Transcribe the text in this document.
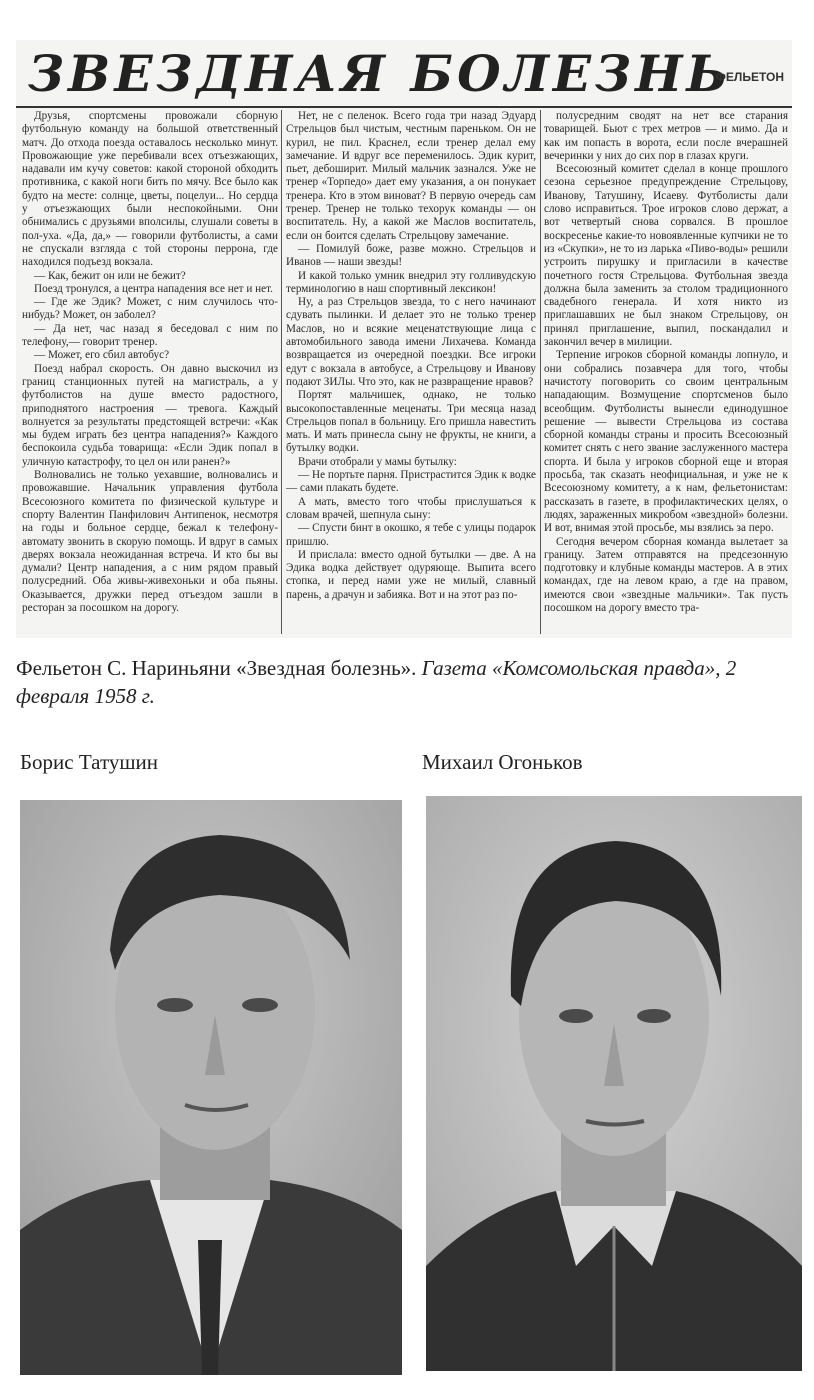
ЗВЕЗДНАЯ БОЛЕЗНЬ
ФЕЛЬЕТОН

Друзья, спортсмены провожали сборную футбольную команду на большой ответственный матч. До отхода поезда оставалось несколько минут. Провожающие уже перебивали всех отъезжающих, надавали им кучу советов: какой стороной обходить противника, с какой ноги бить по мячу. Все было как будто на месте: солнце, цветы, поцелуи... Но сердца у отъезжающих были неспокойными. Они обнимались с друзьями вполсилы, слушали советы в пол-уха. «Да, да,» — говорили футболисты, а сами не спускали взгляда с той стороны перрона, где находился подъезд вокзала.

— Как, бежит он или не бежит?

Поезд тронулся, а центра нападения все нет и нет.

— Где же Эдик? Может, с ним случилось что-нибудь? Может, он заболел?

— Да нет, час назад я беседовал с ним по телефону,— говорит тренер.

— Может, его сбил автобус?

Поезд набрал скорость. Он давно выскочил из границ станционных путей на магистраль, а у футболистов на душе вместо радостного, приподнятого настроения — тревога. Каждый волнуется за результаты предстоящей встречи: «Как мы будем играть без центра нападения?» Каждого беспокоила судьба товарища: «Если Эдик попал в уличную катастрофу, то цел он или ранен?»

Волновались не только уехавшие, волновались и провожавшие. Начальник управления футбола Всесоюзного комитета по физической культуре и спорту Валентин Панфилович Антипенок, несмотря на годы и больное сердце, бежал к телефону-автомату звонить в скорую помощь. И вдруг в самых дверях вокзала неожиданная встреча. И кто бы вы думали? Центр нападения, а с ним рядом правый полусредний. Оба живы-живехоньки и оба пьяны. Оказывается, дружки перед отъездом зашли в ресторан за посошком на дорогу.

Нет, не с пеленок. Всего года три назад Эдуард Стрельцов был чистым, честным пареньком. Он не курил, не пил. Краснел, если тренер делал ему замечание. И вдруг все переменилось. Эдик курит, пьет, дебоширит. Милый мальчик зазнался. Уже не тренер «Торпедо» дает ему указания, а он понукает тренера. Кто в этом виноват? В первую очередь сам тренер. Тренер не только техорук команды — он воспитатель. Ну, а какой же Маслов воспитатель, если он боится сделать Стрельцову замечание.

— Помилуй боже, разве можно. Стрельцов и Иванов — наши звезды!

И какой только умник внедрил эту голливудскую терминологию в наш спортивный лексикон!

Ну, а раз Стрельцов звезда, то с него начинают сдувать пылинки. И делает это не только тренер Маслов, но и всякие меценатствующие лица с автомобильного завода имени Лихачева. Команда возвращается из очередной поездки. Все игроки едут с вокзала в автобусе, а Стрельцову и Иванову подают ЗИЛы. Что это, как не развращение нравов?

Портят мальчишек, однако, не только высокопоставленные меценаты. Три месяца назад Стрельцов попал в больницу. Его пришла навестить мать. И мать принесла сыну не фрукты, не книги, а бутылку водки.

Врачи отобрали у мамы бутылку:

— Не портьте парня. Пристрастится Эдик к водке — сами плакать будете.

А мать, вместо того чтобы прислушаться к словам врачей, шепнула сыну:

— Спусти бинт в окошко, я тебе с улицы подарок пришлю.

И прислала: вместо одной бутылки — две. А на Эдика водка действует одуряюще. Выпита всего стопка, и перед нами уже не милый, славный парень, а драчун и забияка. Вот и на этот раз по-

полусредним сводят на нет все старания товарищей. Бьют с трех метров — и мимо. Да и как им попасть в ворота, если после вчерашней вечеринки у них до сих пор в глазах круги.

Всесоюзный комитет сделал в конце прошлого сезона серьезное предупреждение Стрельцову, Иванову, Татушину, Исаеву. Футболисты дали слово исправиться. Трое игроков слово держат, а вот четвертый снова сорвался. В прошлое воскресенье какие-то новоявленные купчики не то из «Скупки», не то из ларька «Пиво-воды» решили устроить пирушку и пригласили в качестве почетного гостя Стрельцова. Футбольная звезда должна была заменить за столом традиционного свадебного генерала. И хотя никто из приглашавших не был знаком Стрельцову, он принял приглашение, выпил, поскандалил и закончил вечер в милиции.

Терпение игроков сборной команды лопнуло, и они собрались позавчера для того, чтобы начистоту поговорить со своим центральным нападающим. Возмущение спортсменов было всеобщим. Футболисты вынесли единодушное решение — вывести Стрельцова из состава сборной команды страны и просить Всесоюзный комитет снять с него звание заслуженного мастера спорта. И была у игроков сборной еще и вторая просьба, так сказать неофициальная, и уже не к Всесоюзному комитету, а к нам, фельетонистам: рассказать в газете, в профилактических целях, о людях, зараженных микробом «звездной» болезни. И вот, внимая этой просьбе, мы взялись за перо.

Сегодня вечером сборная команда вылетает за границу. Затем отправятся на предсезонную подготовку и клубные команды мастеров. А в этих командах, где на левом краю, а где на правом, имеются свои «звездные мальчики». Так пусть посошком на дорогу вместо тра-

Фельетон С. Нариньяни «Звездная болезнь». Газета «Комсомольская правда», 2 февраля 1958 г.
Борис Татушин	Михаил Огоньков
